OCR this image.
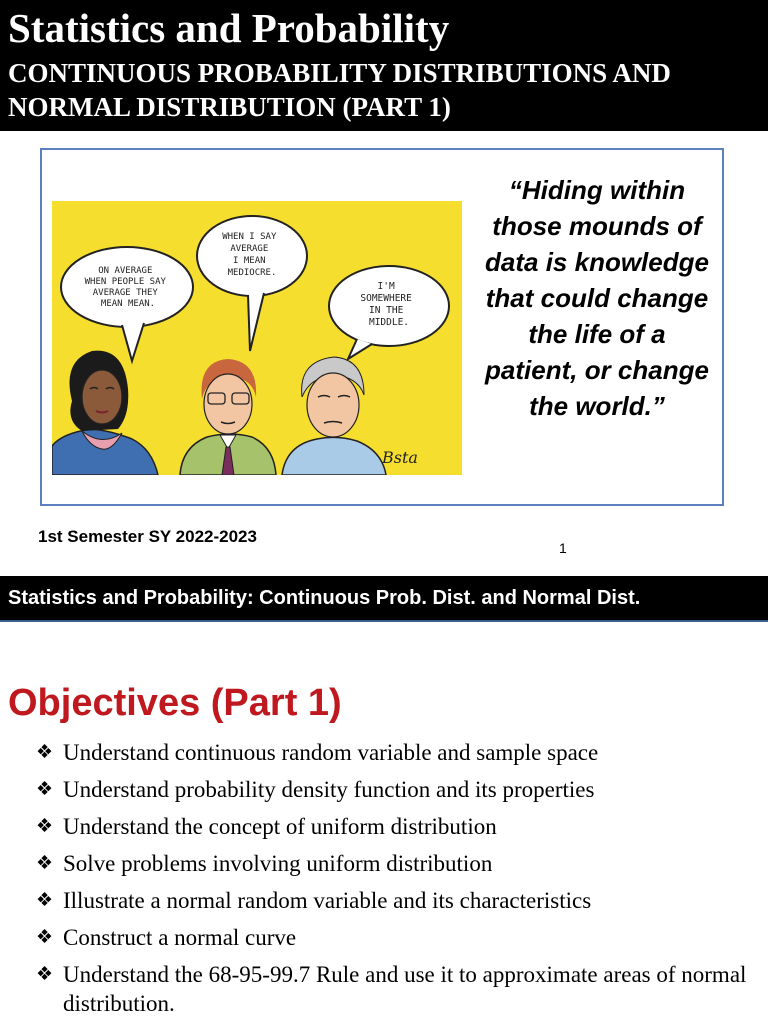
Statistics and Probability
CONTINUOUS PROBABILITY DISTRIBUTIONS AND NORMAL DISTRIBUTION (PART 1)
ON AVERAGE WHEN PEOPLE SAY AVERAGE THEY MEAN MEAN.
WHEN I SAY AVERAGE I MEAN MEDIOCRE.
I'M SOMEWHERE IN THE MIDDLE.
Bsta
“Hiding within those mounds of data is knowledge that could change the life of a patient, or change the world.”
1st Semester SY 2022-2023
1
Statistics and Probability: Continuous Prob. Dist. and Normal Dist.
Objectives (Part 1)
❖ Understand continuous random variable and sample space
❖ Understand probability density function and its properties
❖ Understand the concept of uniform distribution
❖ Solve problems involving uniform distribution
❖ Illustrate a normal random variable and its characteristics
❖ Construct a normal curve
❖ Understand the 68-95-99.7 Rule and use it to approximate areas of normal distribution.
